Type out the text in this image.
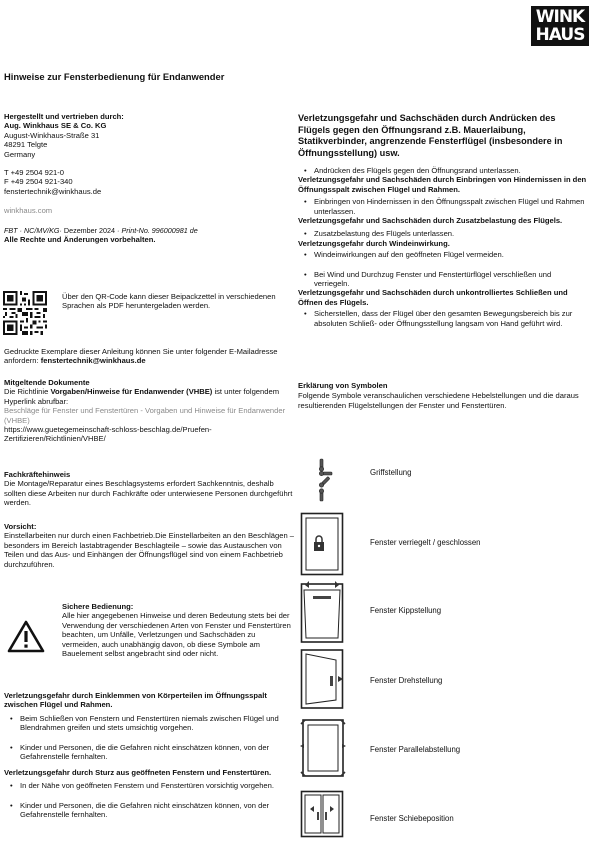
WINK
HAUS
Hinweise zur Fensterbedienung für Endanwender

Hergestellt und vertrieben durch:

Aug. Winkhaus SE & Co. KG

August-Winkhaus-Straße 31

48291 Telgte

Germany

T +49 2504 921-0

F +49 2504 921-340

fenstertechnik@winkhaus.de

winkhaus.com

FBT · NC/MV/KG· Dezember 2024 · Print-No. 996000981 de

Alle Rechte und Änderungen vorbehalten.

Über den QR-Code kann dieser Beipackzettel in verschiedenen Sprachen als PDF heruntergeladen werden.
Gedruckte Exemplare dieser Anleitung können Sie unter folgender E-Mailadresse anfordern: fenstertechnik@winkhaus.de

Mitgeltende Dokumente

Die Richtlinie Vorgaben/Hinweise für Endanwender (VHBE) ist unter folgendem Hyperlink abrufbar:

Beschläge für Fenster und Fenstertüren - Vorgaben und Hinweise für Endanwender (VHBE)

https://www.guetegemeinschaft-schloss-beschlag.de/Pruefen-Zertifizieren/Richtlinien/VHBE/

Fachkräftehinweis

Die Montage/Reparatur eines Beschlagsystems erfordert Sachkenntnis, deshalb sollten diese Arbeiten nur durch Fachkräfte oder unterwiesene Personen durchgeführt werden.

Vorsicht:

Einstellarbeiten nur durch einen Fachbetrieb.Die Einstellarbeiten an den Beschlägen – besonders im Bereich lastabtragender Beschlagteile – sowie das Austauschen von Teilen und das Aus- und Einhängen der Öffnungsflügel sind von einem Fachbetrieb durchzuführen.

Sichere Bedienung:

Alle hier angegebenen Hinweise und deren Bedeutung stets bei der Verwendung der verschiedenen Arten von Fenster und Fenstertüren beachten, um Unfälle, Verletzungen und Sachschäden zu vermeiden, auch unabhängig davon, ob diese Symbole am Bauelement selbst angebracht sind oder nicht.

Verletzungsgefahr durch Einklemmen von Körperteilen im Öffnungsspalt zwischen Flügel und Rahmen.

• Beim Schließen von Fenstern und Fenstertüren niemals zwischen Flügel und Blendrahmen greifen und stets umsichtig vorgehen.
• Kinder und Personen, die die Gefahren nicht einschätzen können, von der Gefahrenstelle fernhalten.

Verletzungsgefahr durch Sturz aus geöffneten Fenstern und Fenstertüren.

• In der Nähe von geöffneten Fenstern und Fenstertüren vorsichtig vorgehen.
• Kinder und Personen, die die Gefahren nicht einschätzen können, von der Gefahrenstelle fernhalten.
Verletzungsgefahr und Sachschäden durch Andrücken des Flügels gegen den Öffnungsrand z.B. Mauerlaibung, Statikverbinder, angrenzende Fensterflügel (insbesondere in Öffnungsstellung) usw.
• Andrücken des Flügels gegen den Öffnungsrand unterlassen.

Verletzungsgefahr und Sachschäden durch Einbringen von Hindernissen in den Öffnungsspalt zwischen Flügel und Rahmen.

• Einbringen von Hindernissen in den Öffnungsspalt zwischen Flügel und Rahmen unterlassen.

Verletzungsgefahr und Sachschäden durch Zusatzbelastung des Flügels.

• Zusatzbelastung des Flügels unterlassen.

Verletzungsgefahr durch Windeinwirkung.

• Windeinwirkungen auf den geöffneten Flügel vermeiden.
• Bei Wind und Durchzug Fenster und Fenstertürflügel verschließen und verriegeln.

Verletzungsgefahr und Sachschäden durch unkontrolliertes Schließen und Öffnen des Flügels.

• Sicherstellen, dass der Flügel über den gesamten Bewegungsbereich bis zur absoluten Schließ- oder Öffnungsstellung langsam von Hand geführt wird.

Erklärung von Symbolen

Folgende Symbole veranschaulichen verschiedene Hebelstellungen und die daraus resultierenden Flügelstellungen der Fenster und Fenstertüren.

Griffstellung
Fenster verriegelt / geschlossen
Fenster Kippstellung
Fenster Drehstellung
Fenster Parallelabstellung
Fenster Schiebeposition
